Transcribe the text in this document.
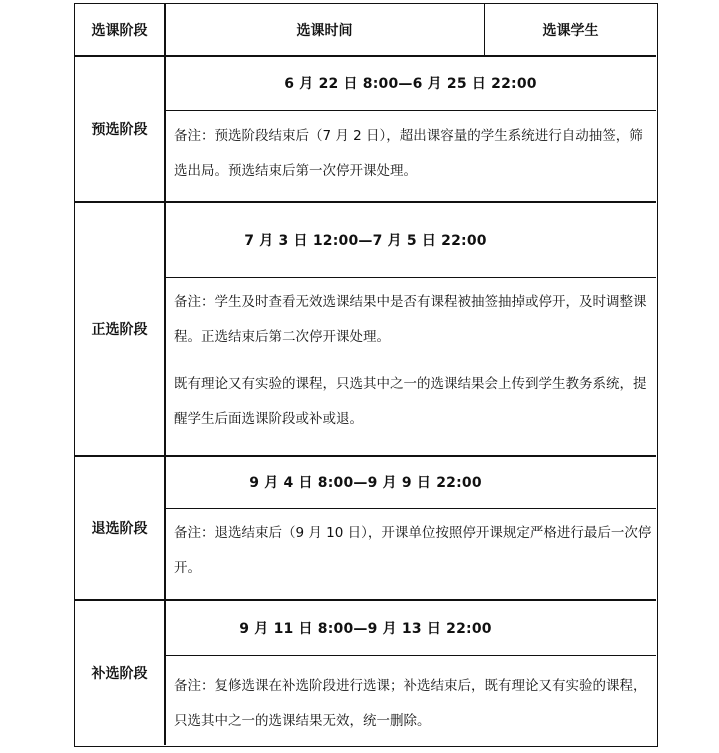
选课阶段	选课时间	选课学生
预选阶段
6 月 22 日 8:00—6 月 25 日 22:00

备注：预选阶段结束后（7 月 2 日），超出课容量的学生系统进行自动抽签，筛选出局。预选结束后第一次停开课处理。

正选阶段
7 月 3 日 12:00—7 月 5 日 22:00

备注：学生及时查看无效选课结果中是否有课程被抽签抽掉或停开，及时调整课程。正选结束后第二次停开课处理。

既有理论又有实验的课程，只选其中之一的选课结果会上传到学生教务系统，提醒学生后面选课阶段或补或退。

退选阶段
9 月 4 日 8:00—9 月 9 日 22:00

备注：退选结束后（9 月 10 日），开课单位按照停开课规定严格进行最后一次停开。

补选阶段
9 月 11 日 8:00—9 月 13 日 22:00

备注：复修选课在补选阶段进行选课；补选结束后，既有理论又有实验的课程，只选其中之一的选课结果无效，统一删除。
